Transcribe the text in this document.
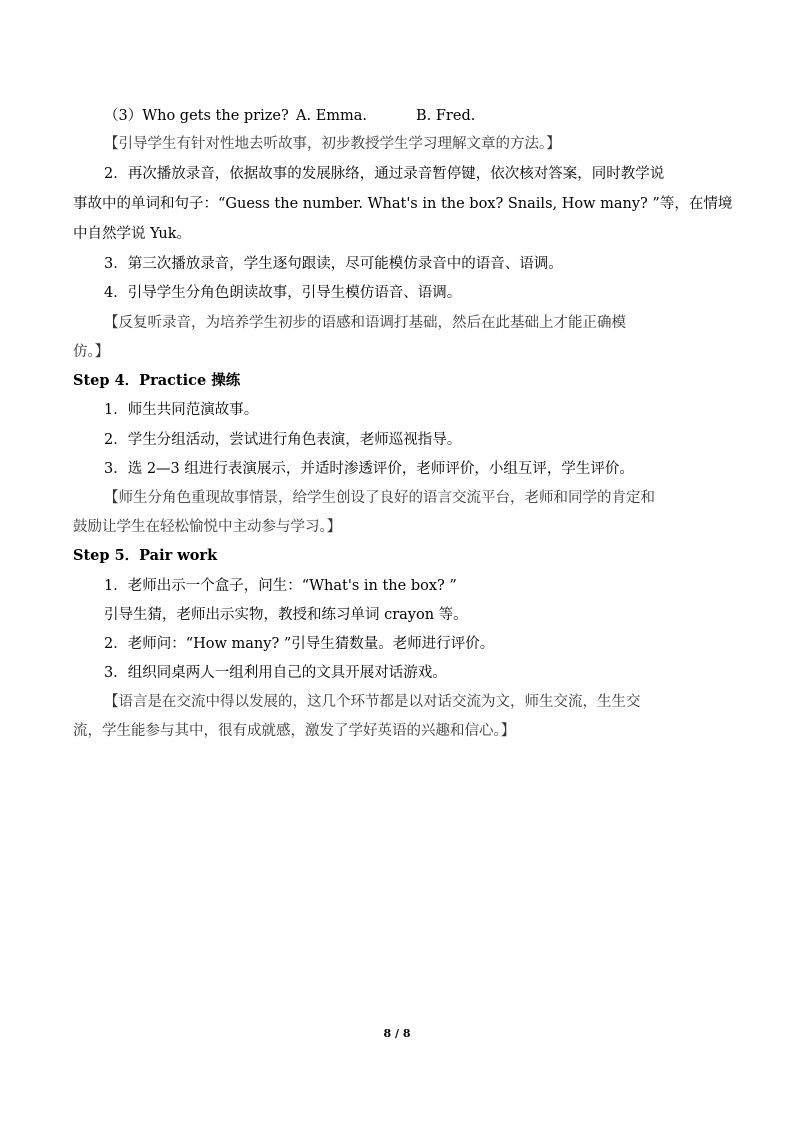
（3）Who gets the prize? A. Emma.	B. Fred.
【引导学生有针对性地去听故事，初步教授学生学习理解文章的方法。】
2．再次播放录音，依据故事的发展脉络，通过录音暂停键，依次核对答案，同时教学说
事故中的单词和句子：“Guess the number. What's in the box? Snails, How many? ”等，在情境
中自然学说 Yuk。
3．第三次播放录音，学生逐句跟读，尽可能模仿录音中的语音、语调。
4．引导学生分角色朗读故事，引导生模仿语音、语调。
【反复听录音，为培养学生初步的语感和语调打基础，然后在此基础上才能正确模
仿。】
Step 4．Practice 操练
1．师生共同范演故事。
2．学生分组活动，尝试进行角色表演，老师巡视指导。
3．选 2—3 组进行表演展示，并适时渗透评价，老师评价，小组互评，学生评价。
【师生分角色重现故事情景，给学生创设了良好的语言交流平台，老师和同学的肯定和
鼓励让学生在轻松愉悦中主动参与学习。】
Step 5．Pair work
1．老师出示一个盒子，问生：“What's in the box? ”
引导生猜，老师出示实物，教授和练习单词 crayon 等。
2．老师问：“How many? ”引导生猜数量。老师进行评价。
3．组织同桌两人一组利用自己的文具开展对话游戏。
【语言是在交流中得以发展的，这几个环节都是以对话交流为文，师生交流，生生交
流，学生能参与其中，很有成就感，激发了学好英语的兴趣和信心。】
8 / 8
